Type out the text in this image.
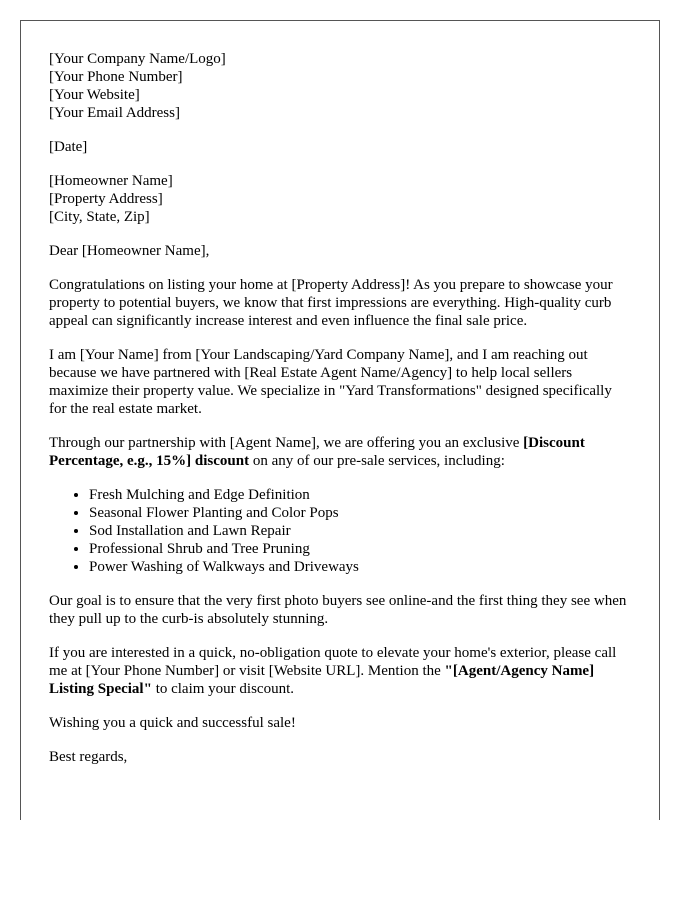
[Your Company Name/Logo]
[Your Phone Number]
[Your Website]
[Your Email Address]
[Date]
[Homeowner Name]
[Property Address]
[City, State, Zip]

Dear [Homeowner Name],

Congratulations on listing your home at [Property Address]! As you prepare to showcase your property to potential buyers, we know that first impressions are everything. High-quality curb appeal can significantly increase interest and even influence the final sale price.

I am [Your Name] from [Your Landscaping/Yard Company Name], and I am reaching out because we have partnered with [Real Estate Agent Name/Agency] to help local sellers maximize their property value. We specialize in "Yard Transformations" designed specifically for the real estate market.

Through our partnership with [Agent Name], we are offering you an exclusive [Discount Percentage, e.g., 15%] discount on any of our pre-sale services, including:

• Fresh Mulching and Edge Definition
• Seasonal Flower Planting and Color Pops
• Sod Installation and Lawn Repair
• Professional Shrub and Tree Pruning
• Power Washing of Walkways and Driveways

Our goal is to ensure that the very first photo buyers see online-and the first thing they see when they pull up to the curb-is absolutely stunning.

If you are interested in a quick, no-obligation quote to elevate your home's exterior, please call me at [Your Phone Number] or visit [Website URL]. Mention the "[Agent/Agency Name] Listing Special" to claim your discount.

Wishing you a quick and successful sale!

Best regards,
